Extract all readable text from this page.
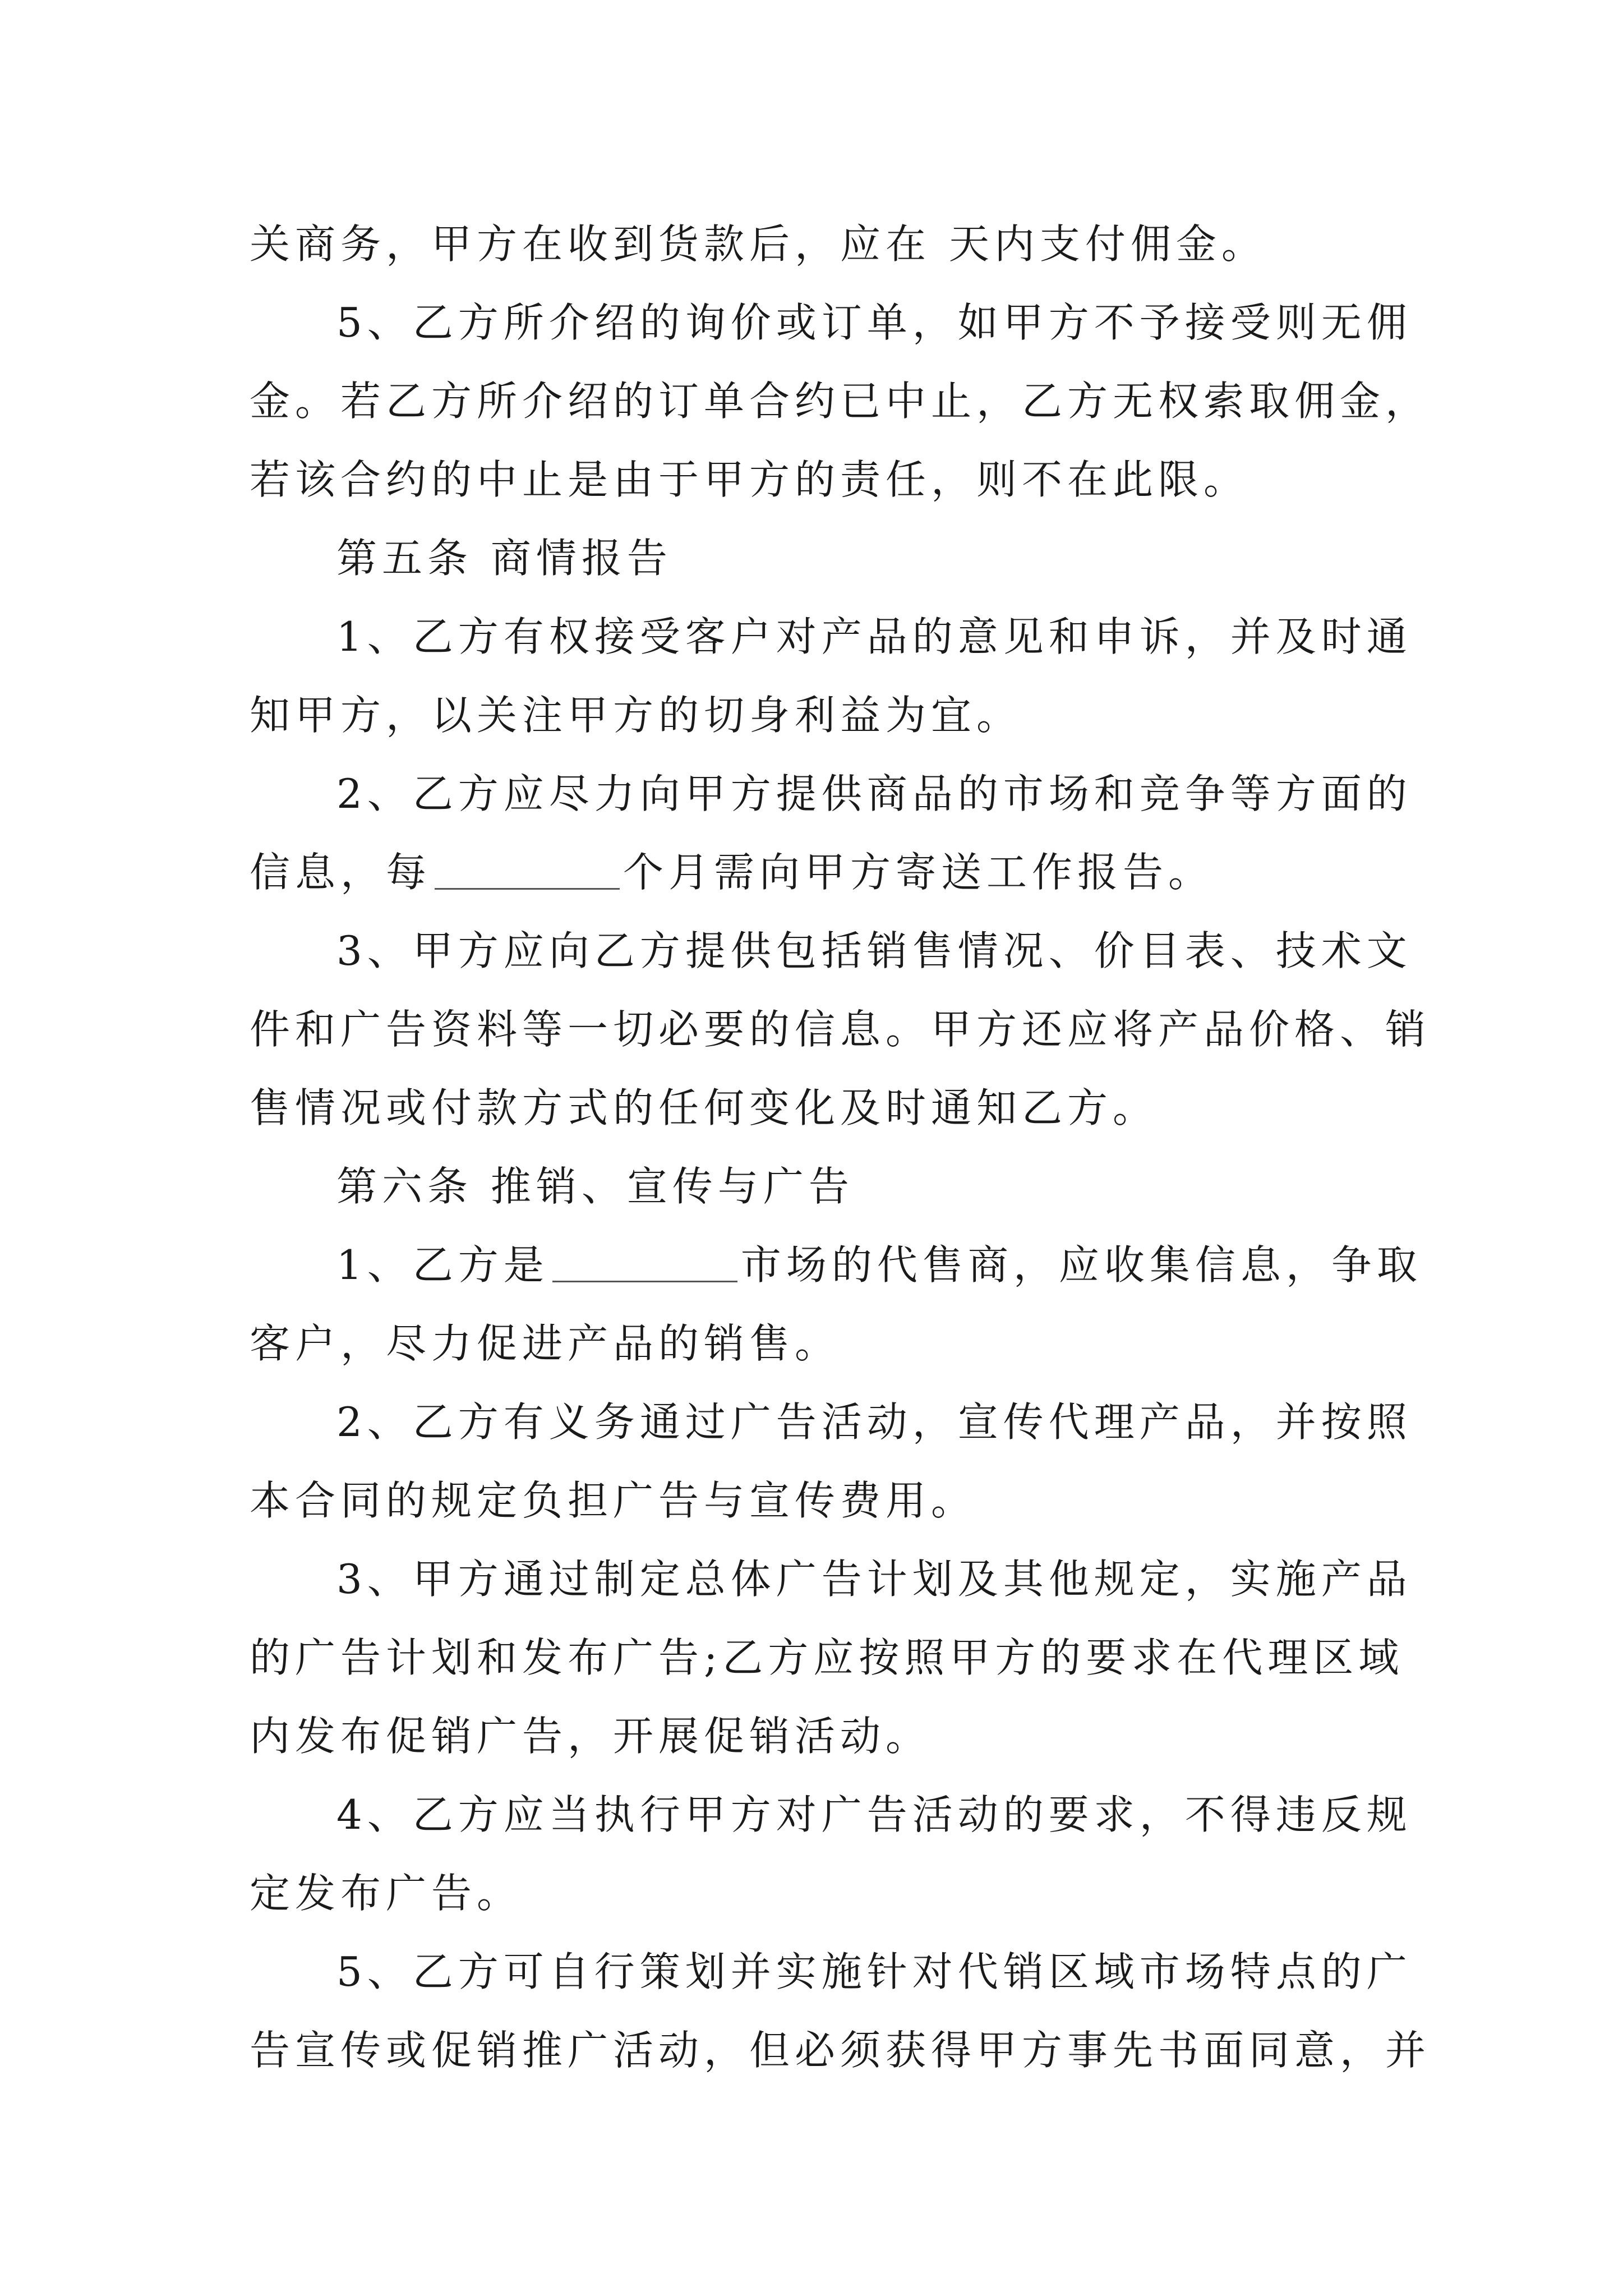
关商务，甲方在收到货款后，应在 天内支付佣金。
5、乙方所介绍的询价或订单，如甲方不予接受则无佣
金。若乙方所介绍的订单合约已中止，乙方无权索取佣金，
若该合约的中止是由于甲方的责任，则不在此限。
第五条 商情报告
1、乙方有权接受客户对产品的意见和申诉，并及时通
知甲方，以关注甲方的切身利益为宜。
2、乙方应尽力向甲方提供商品的市场和竞争等方面的
信息，每	个月需向甲方寄送工作报告。
3、甲方应向乙方提供包括销售情况、价目表、技术文
件和广告资料等一切必要的信息。甲方还应将产品价格、销
售情况或付款方式的任何变化及时通知乙方。
第六条 推销、宣传与广告
1、乙方是	市场的代售商，应收集信息，争取
客户，尽力促进产品的销售。
2、乙方有义务通过广告活动，宣传代理产品，并按照
本合同的规定负担广告与宣传费用。
3、甲方通过制定总体广告计划及其他规定，实施产品
的广告计划和发布广告;乙方应按照甲方的要求在代理区域
内发布促销广告，开展促销活动。
4、乙方应当执行甲方对广告活动的要求，不得违反规
定发布广告。
5、乙方可自行策划并实施针对代销区域市场特点的广
告宣传或促销推广活动，但必须获得甲方事先书面同意，并
